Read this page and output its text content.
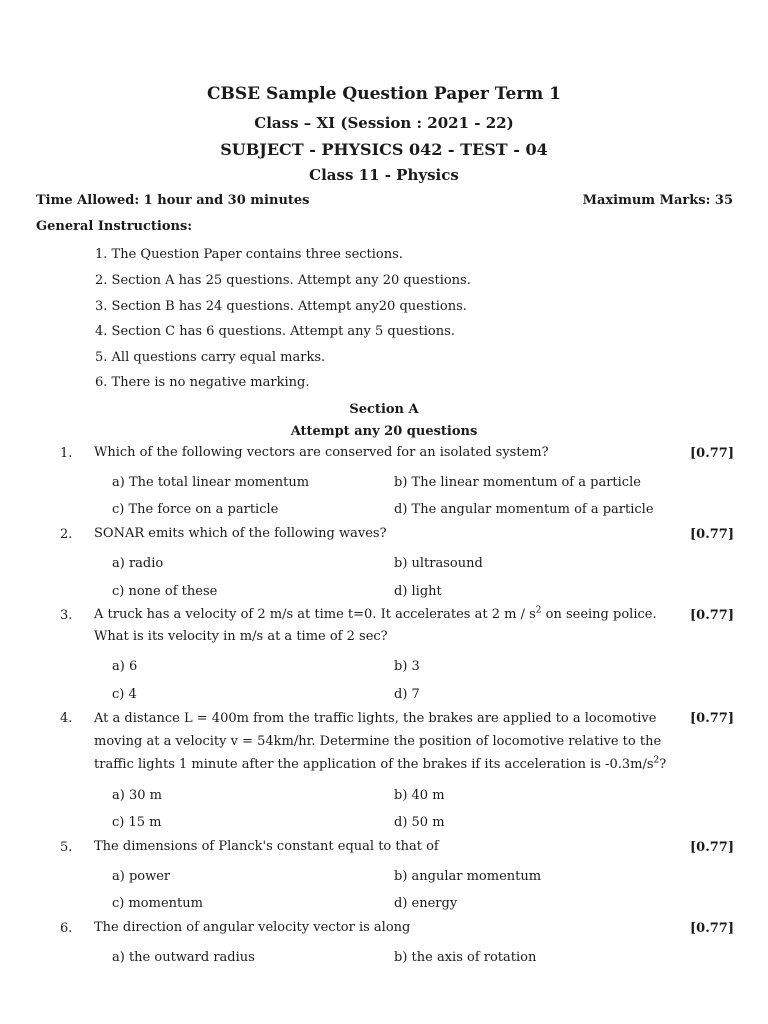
CBSE Sample Question Paper Term 1
Class – XI (Session : 2021 - 22)
SUBJECT - PHYSICS 042 - TEST - 04
Class 11 - Physics
Time Allowed: 1 hour and 30 minutes	Maximum Marks: 35
General Instructions:
1. The Question Paper contains three sections.
2. Section A has 25 questions. Attempt any 20 questions.
3. Section B has 24 questions. Attempt any20 questions.
4. Section C has 6 questions. Attempt any 5 questions.
5. All questions carry equal marks.
6. There is no negative marking.
Section A
Attempt any 20 questions
1. Which of the following vectors are conserved for an isolated system?	[0.77]
a) The total linear momentum	b) The linear momentum of a particle
c) The force on a particle	d) The angular momentum of a particle
2. SONAR emits which of the following waves?	[0.77]
a) radio	b) ultrasound
c) none of these	d) light
3. A truck has a velocity of 2 m/s at time t=0. It accelerates at 2 m / $s^2$ on seeing police. What is its velocity in m/s at a time of 2 sec?
[0.77]
a) 6	b) 3
c) 4	d) 7
4. At a distance L = 400m from the traffic lights, the brakes are applied to a locomotive moving at a velocity v = 54km/hr. Determine the position of locomotive relative to the traffic lights 1 minute after the application of the brakes if its acceleration is $-0.3m/s^2$?
[0.77]
a) 30 m	b) 40 m
c) 15 m	d) 50 m
5. The dimensions of Planck's constant equal to that of	[0.77]
a) power	b) angular momentum
c) momentum	d) energy
6. The direction of angular velocity vector is along	[0.77]
a) the outward radius	b) the axis of rotation
